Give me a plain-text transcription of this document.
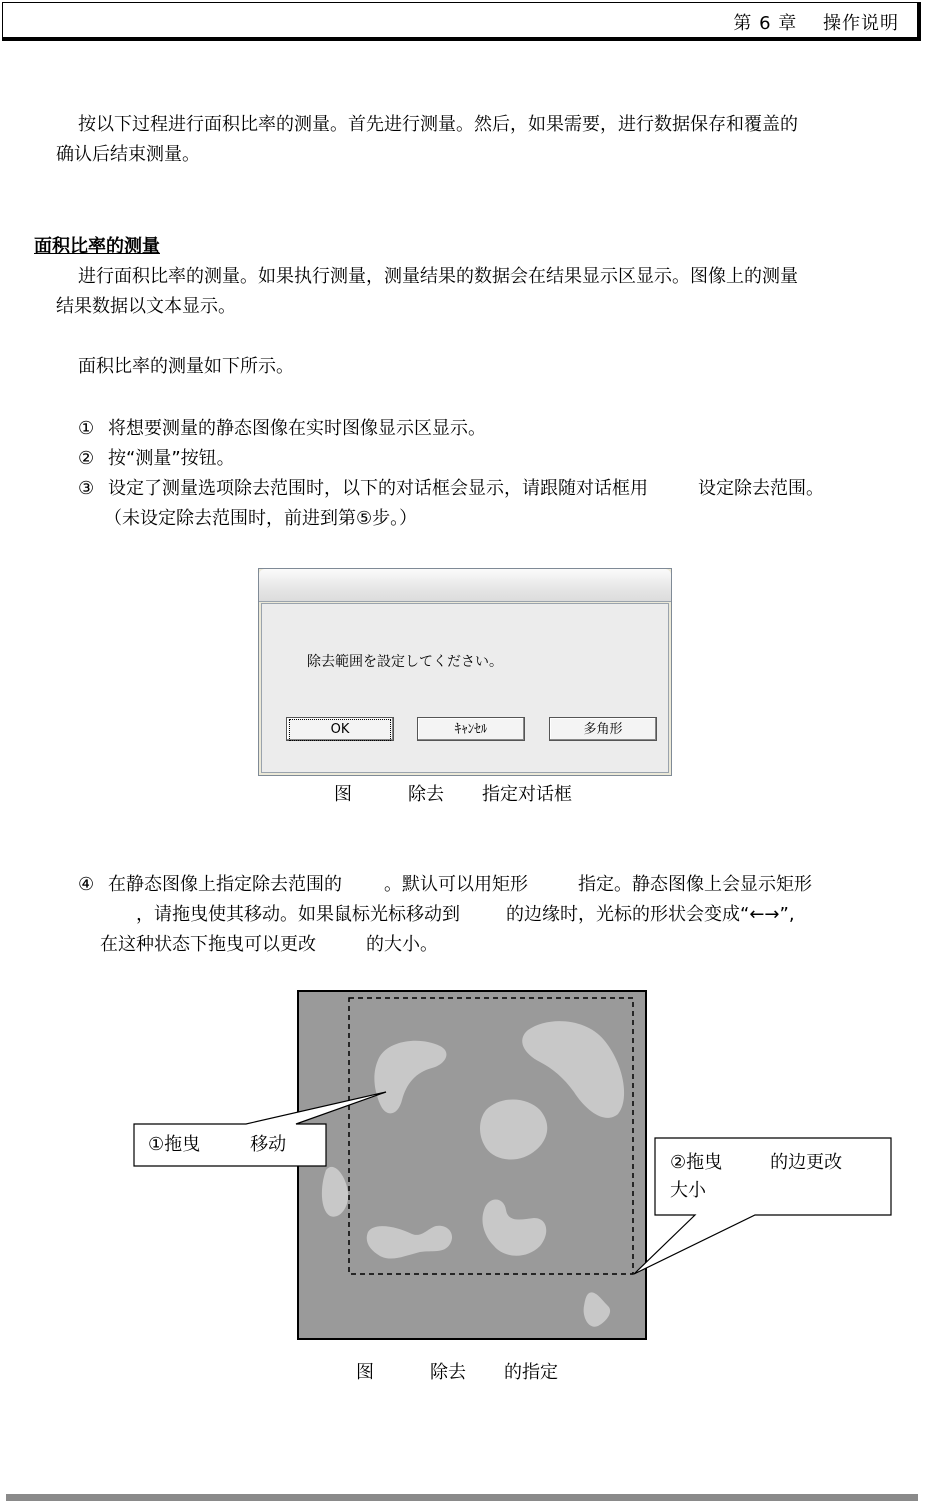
第 6 章　 操作说明
按以下过程进行面积比率的测量。首先进行测量。然后，如果需要，进行数据保存和覆盖的
确认后结束测量。
面积比率的测量
进行面积比率的测量。如果执行测量，测量结果的数据会在结果显示区显示。图像上的测量
结果数据以文本显示。
面积比率的测量如下所示。
① 将想要测量的静态图像在实时图像显示区显示。
② 按“测量”按钮。
③ 设定了测量选项除去范围时，以下的对话框会显示，请跟随对话框用	设定除去范围。
（未设定除去范围时，前进到第⑤步。）
除去範囲を設定してください。
OK	ｷｬﾝｾﾙ	多角形
图	除去 指定对话框
④ 在静态图像上指定除去范围的 。默认可以用矩形	指定。静态图像上会显示矩形
，请拖曳使其移动。如果鼠标光标移动到	的边缘时，光标的形状会变成“←→”,
在这种状态下拖曳可以更改	的大小。
①拖曳	移动
②拖曳	的边更改
大小
图	除去 的指定
